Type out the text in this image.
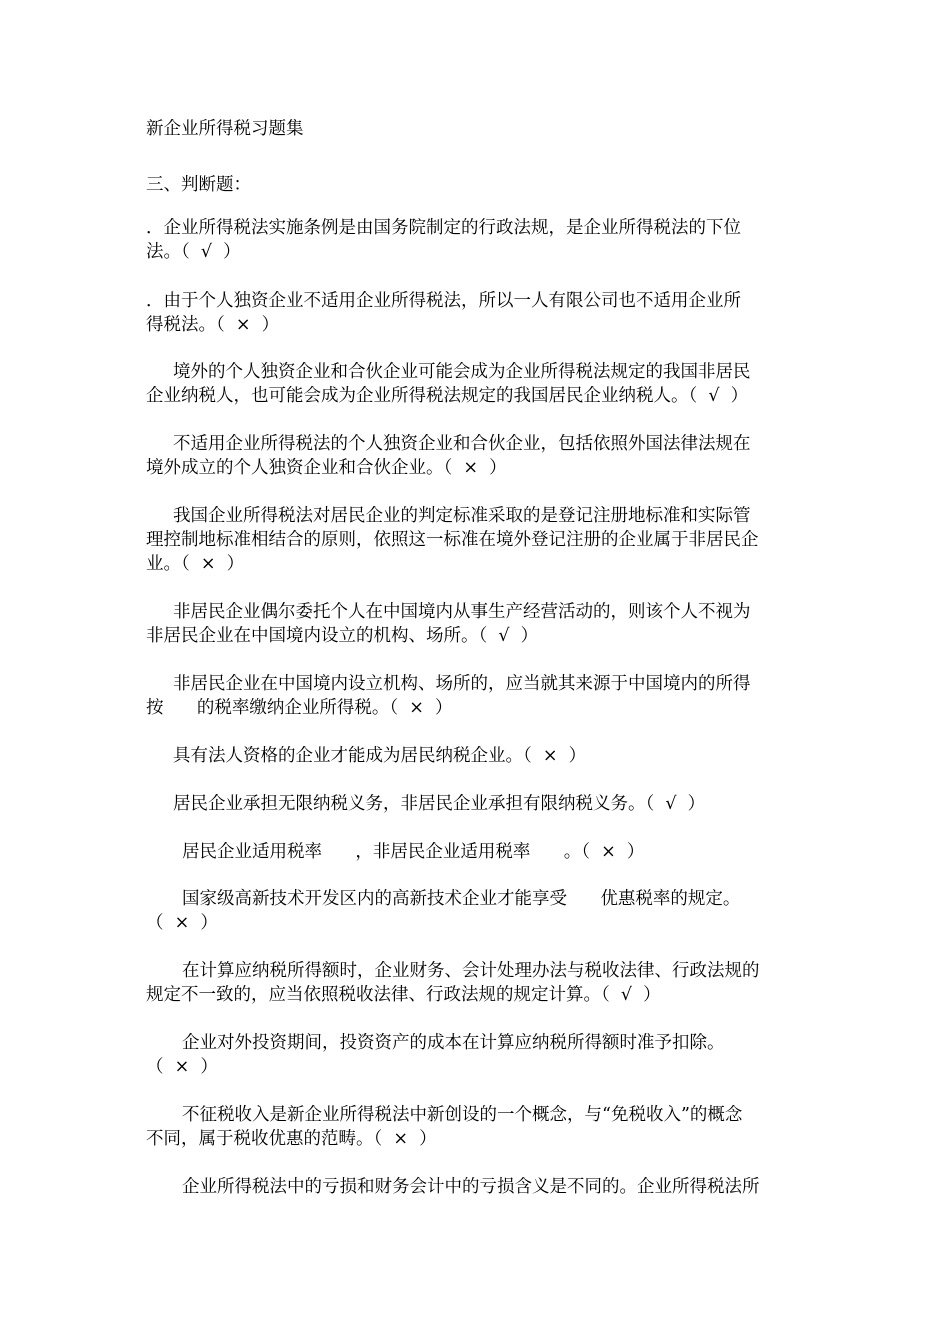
新企业所得税习题集
三、判断题：
．企业所得税法实施条例是由国务院制定的行政法规，是企业所得税法的下位
法。（  √  ）
．由于个人独资企业不适用企业所得税法，所以一人有限公司也不适用企业所
得税法。（  ×  ）
境外的个人独资企业和合伙企业可能会成为企业所得税法规定的我国非居民
企业纳税人，也可能会成为企业所得税法规定的我国居民企业纳税人。（  √  ）
不适用企业所得税法的个人独资企业和合伙企业，包括依照外国法律法规在
境外成立的个人独资企业和合伙企业。（  ×  ）
我国企业所得税法对居民企业的判定标准采取的是登记注册地标准和实际管
理控制地标准相结合的原则，依照这一标准在境外登记注册的企业属于非居民企
业。（  ×  ）
非居民企业偶尔委托个人在中国境内从事生产经营活动的，则该个人不视为
非居民企业在中国境内设立的机构、场所。（  √  ）
非居民企业在中国境内设立机构、场所的，应当就其来源于中国境内的所得
按      的税率缴纳企业所得税。（  ×  ）
具有法人资格的企业才能成为居民纳税企业。（  ×  ）
居民企业承担无限纳税义务，非居民企业承担有限纳税义务。（  √  ）
居民企业适用税率      ，非居民企业适用税率      。（  ×  ）
国家级高新技术开发区内的高新技术企业才能享受      优惠税率的规定。
（  ×  ）
在计算应纳税所得额时，企业财务、会计处理办法与税收法律、行政法规的
规定不一致的，应当依照税收法律、行政法规的规定计算。（  √  ）
企业对外投资期间，投资资产的成本在计算应纳税所得额时准予扣除。
（  ×  ）
不征税收入是新企业所得税法中新创设的一个概念，与“免税收入”的概念
不同，属于税收优惠的范畴。（  ×  ）
企业所得税法中的亏损和财务会计中的亏损含义是不同的。企业所得税法所
